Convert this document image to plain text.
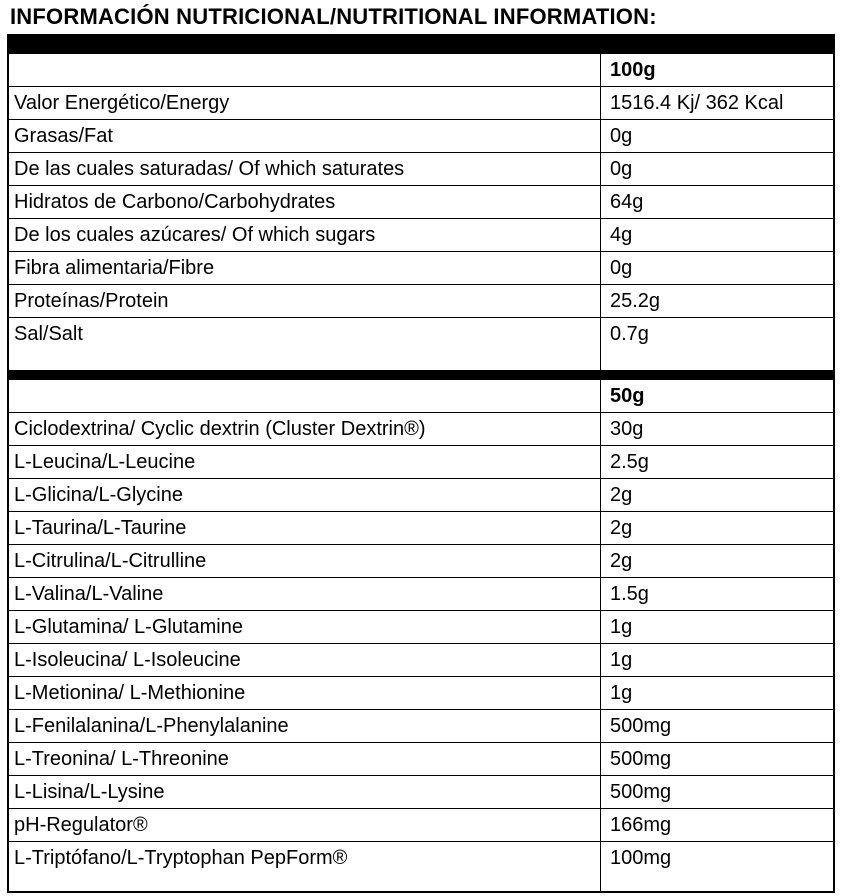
INFORMACIÓN NUTRICIONAL/NUTRITIONAL INFORMATION:
100g
Valor Energético/Energy	1516.4 Kj/ 362 Kcal
Grasas/Fat	0g
De las cuales saturadas/ Of which saturates	0g
Hidratos de Carbono/Carbohydrates	64g
De los cuales azúcares/ Of which sugars	4g
Fibra alimentaria/Fibre	0g
Proteínas/Protein	25.2g
Sal/Salt	0.7g
50g
Ciclodextrina/ Cyclic dextrin (Cluster Dextrin®)	30g
L-Leucina/L-Leucine	2.5g
L-Glicina/L-Glycine	2g
L-Taurina/L-Taurine	2g
L-Citrulina/L-Citrulline	2g
L-Valina/L-Valine	1.5g
L-Glutamina/ L-Glutamine	1g
L-Isoleucina/ L-Isoleucine	1g
L-Metionina/ L-Methionine	1g
L-Fenilalanina/L-Phenylalanine	500mg
L-Treonina/ L-Threonine	500mg
L-Lisina/L-Lysine	500mg
pH-Regulator®	166mg
L-Triptófano/L-Tryptophan PepForm®	100mg
